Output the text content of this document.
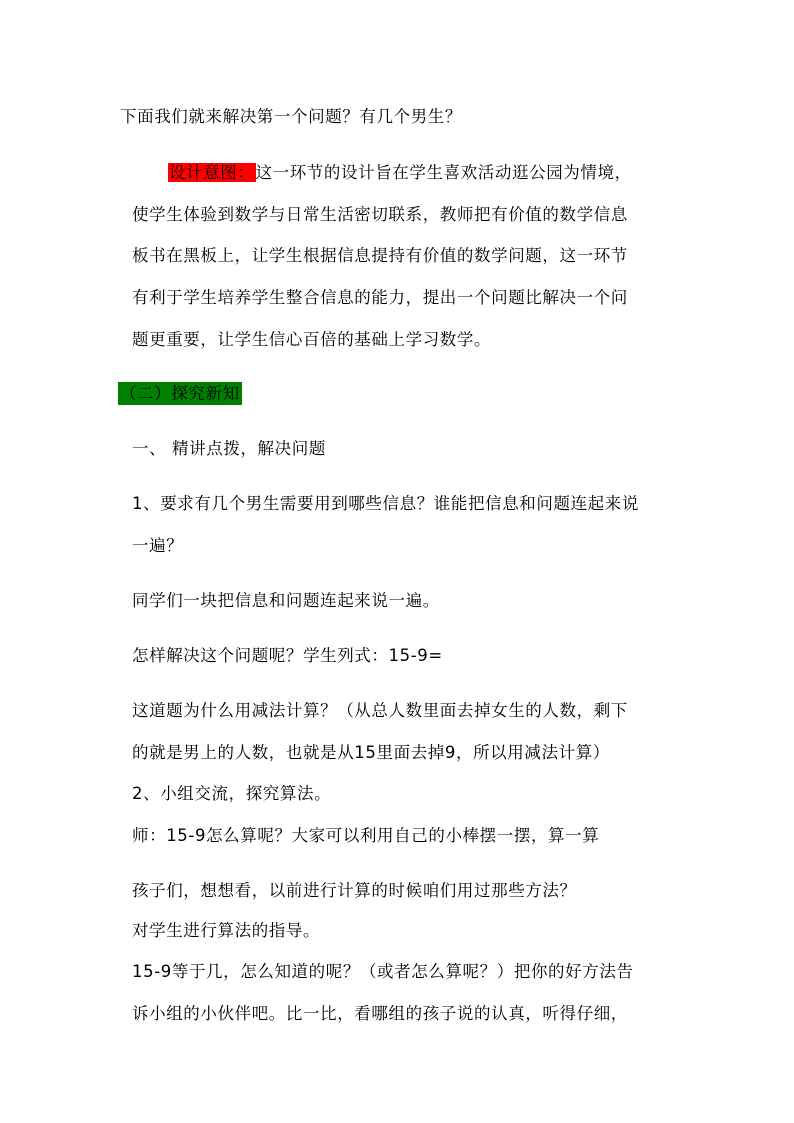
下面我们就来解决第一个问题？有几个男生？
设计意图：这一环节的设计旨在学生喜欢活动逛公园为情境，
使学生体验到数学与日常生活密切联系，教师把有价值的数学信息
板书在黑板上，让学生根据信息提持有价值的数学问题，这一环节
有利于学生培养学生整合信息的能力，提出一个问题比解决一个问
题更重要，让学生信心百倍的基础上学习数学。
（二）探究新知
一、 精讲点拨，解决问题
1、要求有几个男生需要用到哪些信息？谁能把信息和问题连起来说
一遍？
同学们一块把信息和问题连起来说一遍。
怎样解决这个问题呢？学生列式：15-9=
这道题为什么用减法计算？（从总人数里面去掉女生的人数，剩下
的就是男上的人数，也就是从15里面去掉9，所以用减法计算）
2、小组交流，探究算法。
师：15-9怎么算呢？大家可以利用自己的小棒摆一摆，算一算
孩子们，想想看，以前进行计算的时候咱们用过那些方法？
对学生进行算法的指导。
15-9等于几，怎么知道的呢？（或者怎么算呢？）把你的好方法告
诉小组的小伙伴吧。比一比，看哪组的孩子说的认真，听得仔细，
